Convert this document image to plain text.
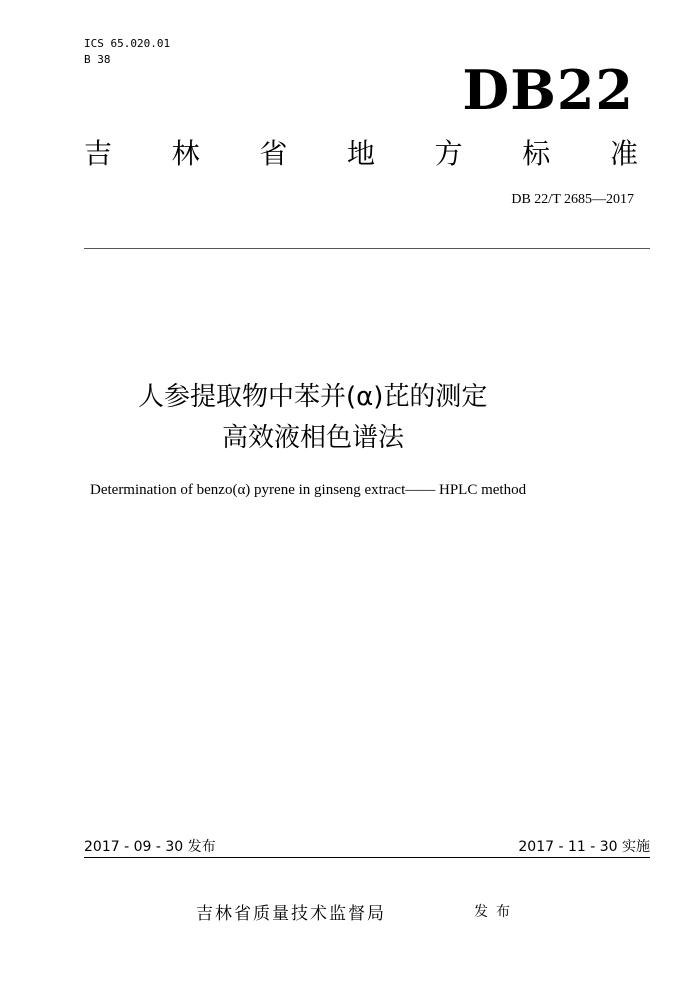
ICS 65.020.01
B 38	DB22
吉 林 省 地 方 标 准
DB 22/T 2685—2017
人参提取物中苯并(α)芘的测定
高效液相色谱法
Determination of benzo(α) pyrene in ginseng extract—— HPLC method
2017 - 09 - 30 发布	2017 - 11 - 30 实施
吉林省质量技术监督局	发布
